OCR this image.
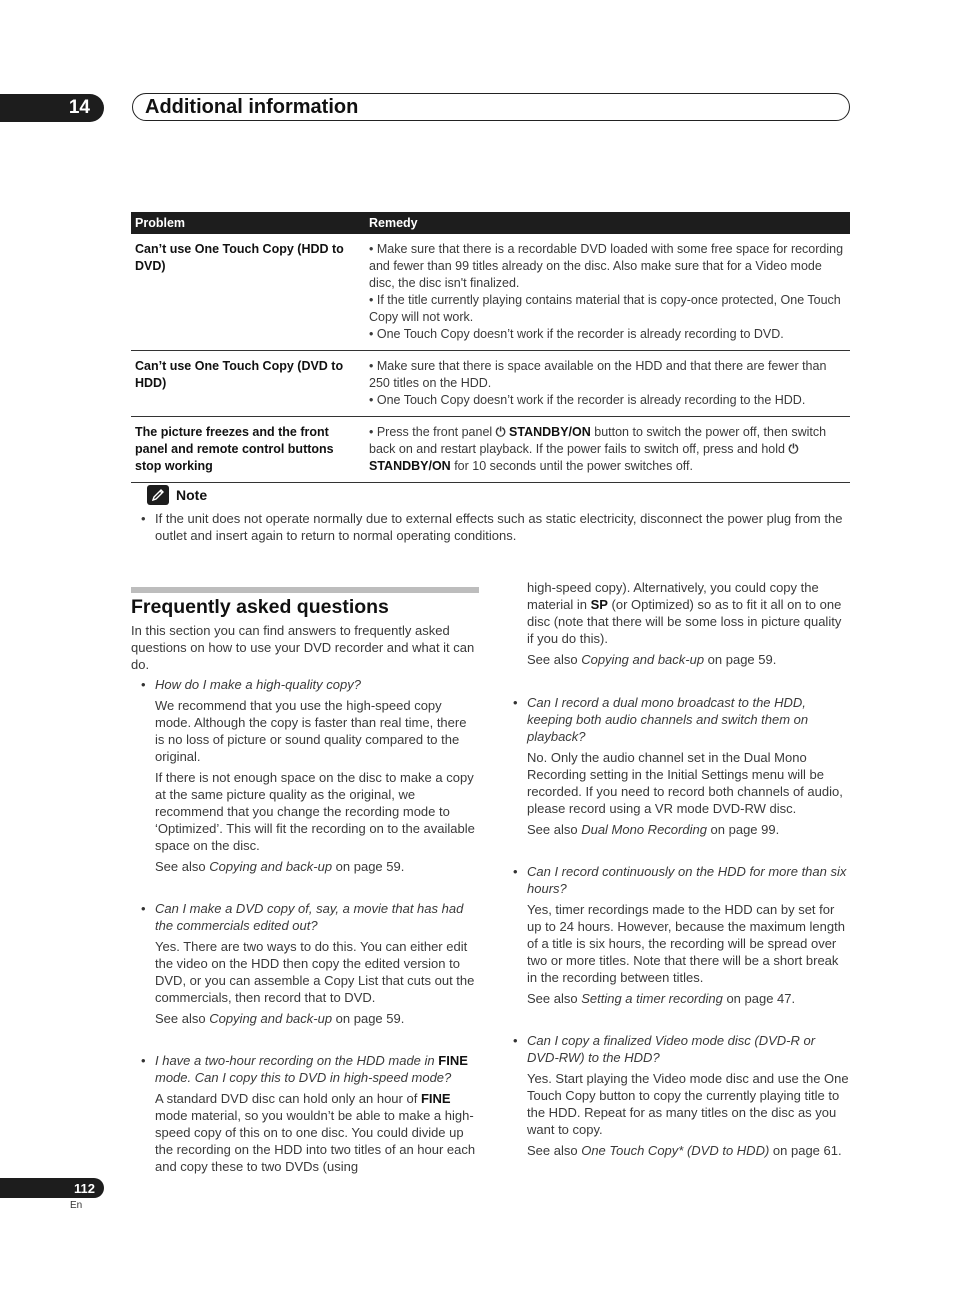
14	Additional information
Problem	Remedy
Can’t use One Touch Copy (HDD to DVD)	• Make sure that there is a recordable DVD loaded with some free space for recording and fewer than 99 titles already on the disc. Also make sure that for a Video mode disc, the disc isn't finalized.
• If the title currently playing contains material that is copy-once protected, One Touch Copy will not work.
• One Touch Copy doesn’t work if the recorder is already recording to DVD.

Can’t use One Touch Copy (DVD to HDD)	• Make sure that there is space available on the HDD and that there are fewer than 250 titles on the HDD.
• One Touch Copy doesn’t work if the recorder is already recording to the HDD.

The picture freezes and the front panel and remote control buttons stop working	• Press the front panel ⏻ STANDBY/ON button to switch the power off, then switch back on and restart playback. If the power fails to switch off, press and hold ⏻ STANDBY/ON for 10 seconds until the power switches off.
Note
• If the unit does not operate normally due to external effects such as static electricity, disconnect the power plug from the outlet and insert again to return to normal operating conditions.
Frequently asked questions
In this section you can find answers to frequently asked questions on how to use your DVD recorder and what it can do.
• How do I make a high-quality copy?

We recommend that you use the high-speed copy mode. Although the copy is faster than real time, there is no loss of picture or sound quality compared to the original.

If there is not enough space on the disc to make a copy at the same picture quality as the original, we recommend that you change the recording mode to ‘Optimized’. This will fit the recording on to the available space on the disc.

See also Copying and back-up on page 59.

• Can I make a DVD copy of, say, a movie that has had the commercials edited out?

Yes. There are two ways to do this. You can either edit the video on the HDD then copy the edited version to DVD, or you can assemble a Copy List that cuts out the commercials, then record that to DVD.

See also Copying and back-up on page 59.

• I have a two-hour recording on the HDD made in FINE mode. Can I copy this to DVD in high-speed mode?

A standard DVD disc can hold only an hour of FINE mode material, so you wouldn’t be able to make a high-speed copy of this on to one disc. You could divide up the recording on the HDD into two titles of an hour each and copy these to two DVDs (using

high-speed copy). Alternatively, you could copy the material in SP (or Optimized) so as to fit it all on to one disc (note that there will be some loss in picture quality if you do this).

See also Copying and back-up on page 59.

• Can I record a dual mono broadcast to the HDD, keeping both audio channels and switch them on playback?

No. Only the audio channel set in the Dual Mono Recording setting in the Initial Settings menu will be recorded. If you need to record both channels of audio, please record using a VR mode DVD-RW disc.

See also Dual Mono Recording on page 99.

• Can I record continuously on the HDD for more than six hours?

Yes, timer recordings made to the HDD can by set for up to 24 hours. However, because the maximum length of a title is six hours, the recording will be spread over two or more titles. Note that there will be a short break in the recording between titles.

See also Setting a timer recording on page 47.

• Can I copy a finalized Video mode disc (DVD-R or DVD-RW) to the HDD?

Yes. Start playing the Video mode disc and use the One Touch Copy button to copy the currently playing title to the HDD. Repeat for as many titles on the disc as you want to copy.

See also One Touch Copy* (DVD to HDD) on page 61.

112
En
